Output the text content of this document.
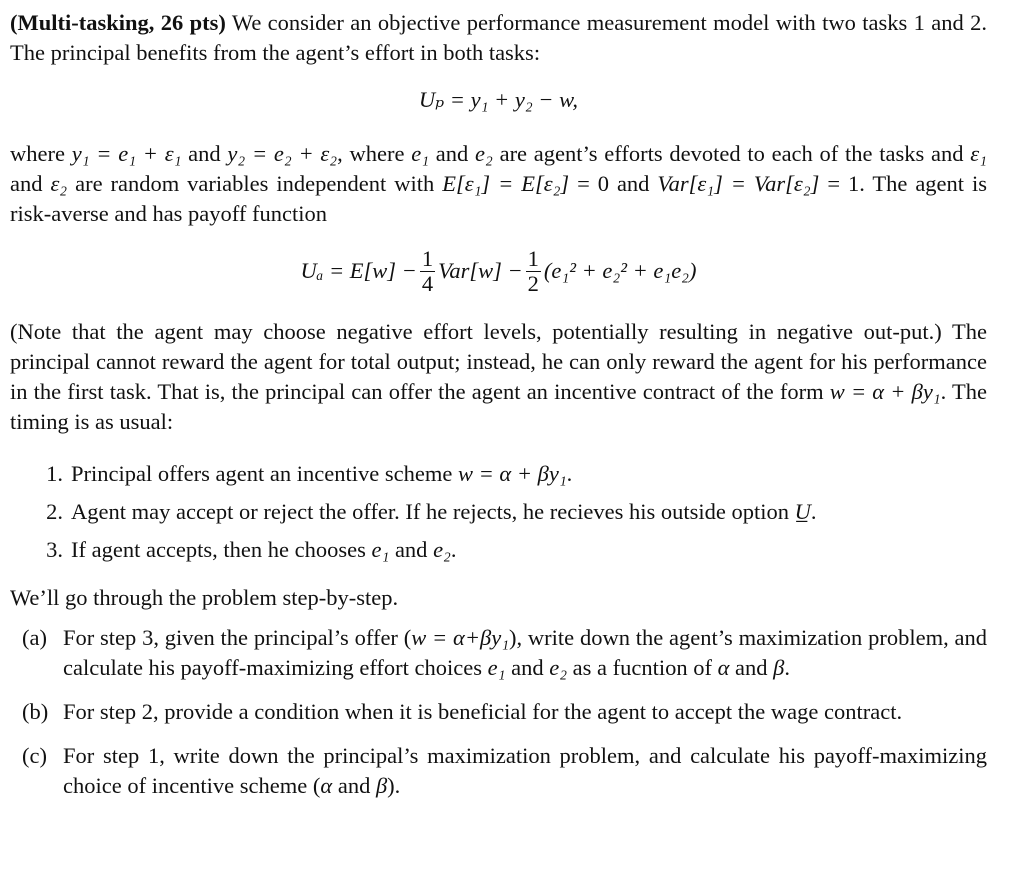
(Multi-tasking, 26 pts) We consider an objective performance measurement model with two tasks 1 and 2. The principal benefits from the agent’s effort in both tasks:

Uₚ = y₁ + y₂ − w,

where y₁ = e₁ + ε₁ and y₂ = e₂ + ε₂, where e₁ and e₂ are agent’s efforts devoted to each of the tasks and ε₁ and ε₂ are random variables independent with E[ε₁] = E[ε₂] = 0 and Var[ε₁] = Var[ε₂] = 1. The agent is risk-averse and has payoff function

$U_a = E[w] - \frac{1}{4} Var[w] - \frac{1}{2} (e_1^2 + e_2^2 + e_1e_2)$

(Note that the agent may choose negative effort levels, potentially resulting in negative out-put.) The principal cannot reward the agent for total output; instead, he can only reward the agent for his performance in the first task. That is, the principal can offer the agent an incentive contract of the form w = α + βy₁. The timing is as usual:

1. Principal offers agent an incentive scheme w = α + βy₁.
2. Agent may accept or reject the offer. If he rejects, he recieves his outside option U̲.
3. If agent accepts, then he chooses e₁ and e₂.

We’ll go through the problem step-by-step.

(a) For step 3, given the principal’s offer (w = α+βy₁), write down the agent’s maximization problem, and calculate his payoff-maximizing effort choices e₁ and e₂ as a fucntion of α and β.

(b) For step 2, provide a condition when it is beneficial for the agent to accept the wage contract.

(c) For step 1, write down the principal’s maximization problem, and calculate his payoff-maximizing choice of incentive scheme (α and β).
